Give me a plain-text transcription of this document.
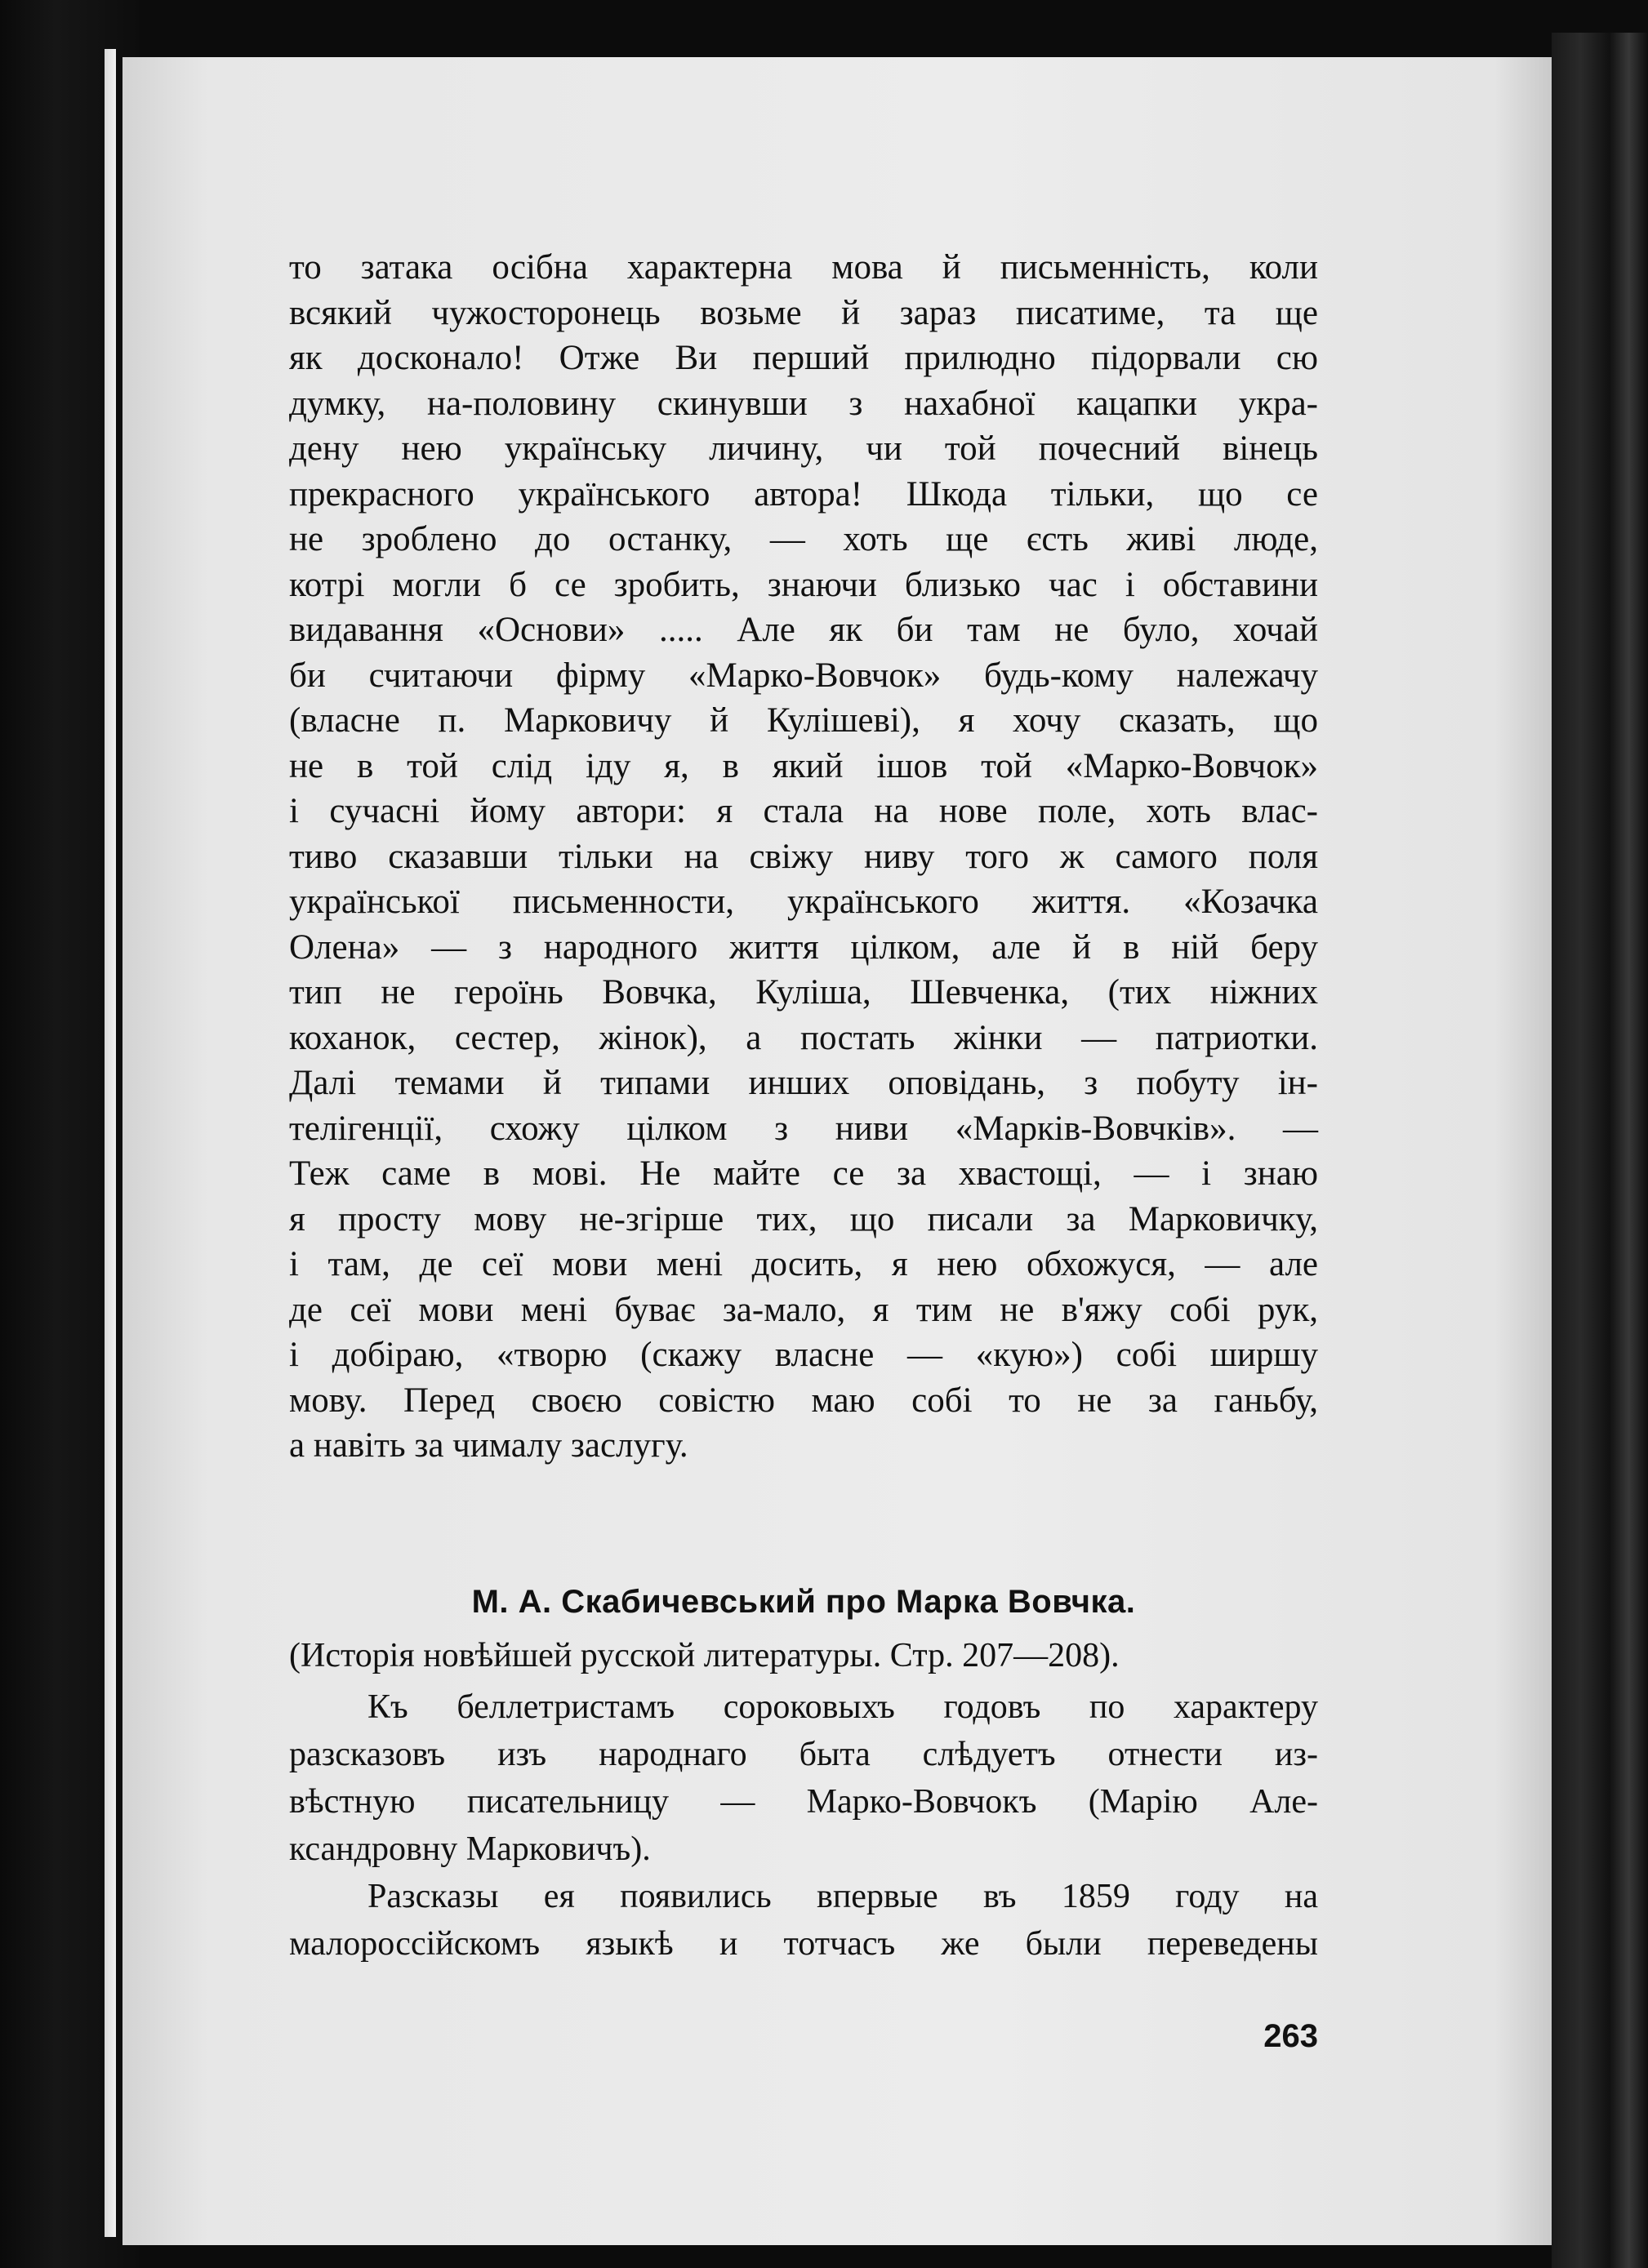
то затака осібна характерна мова й письменність, коли
всякий чужосторонець возьме й зараз писатиме, та ще
як досконало! Отже Ви перший прилюдно підорвали сю
думку, на-половину скинувши з нахабної кацапки укра-
дену нею українську личину, чи той почесний вінець
прекрасного українського автора! Шкода тільки, що се
не зроблено до останку, — хоть ще єсть живі люде,
котрі могли б се зробить, знаючи близько час і обставини
видавання «Основи» ..... Але як би там не було, хочай
би считаючи фірму «Марко-Вовчок» будь-кому належачу
(власне п. Марковичу й Кулішеві), я хочу сказать, що
не в той слід іду я, в який ішов той «Марко-Вовчок»
і сучасні йому автори: я стала на нове поле, хоть влас-
тиво сказавши тільки на свіжу ниву того ж самого поля
української письменности, українського життя. «Козачка
Олена» — з народного життя цілком, але й в ній беру
тип не героїнь Вовчка, Куліша, Шевченка, (тих ніжних
коханок, сестер, жінок), а постать жінки — патриотки.
Далі темами й типами инших оповідань, з побуту ін-
телігенції, схожу цілком з ниви «Марків-Вовчків». —
Теж саме в мові. Не майте се за хвастощі, — і знаю
я просту мову не-згірше тих, що писали за Марковичку,
і там, де сеї мови мені досить, я нею обхожуся, — але
де сеї мови мені буває за-мало, я тим не в'яжу собі рук,
і добіраю, «творю (скажу власне — «кую») собі ширшу
мову. Перед своєю совістю маю собі то не за ганьбу,
а навіть за чималу заслугу.

М. А. Скабичевський про Марка Вовчка.
(Исторія новѣйшей русской литературы. Стр. 207—208).
Къ беллетристамъ сороковыхъ годовъ по характеру
разсказовъ изъ народнаго быта слѣдуетъ отнести из-
вѣстную писательницу — Марко-Вовчокъ (Марію Але-
ксандровну Марковичъ).
Разсказы ея появились впервые въ 1859 году на
малороссійскомъ языкѣ и тотчасъ же были переведены
263
